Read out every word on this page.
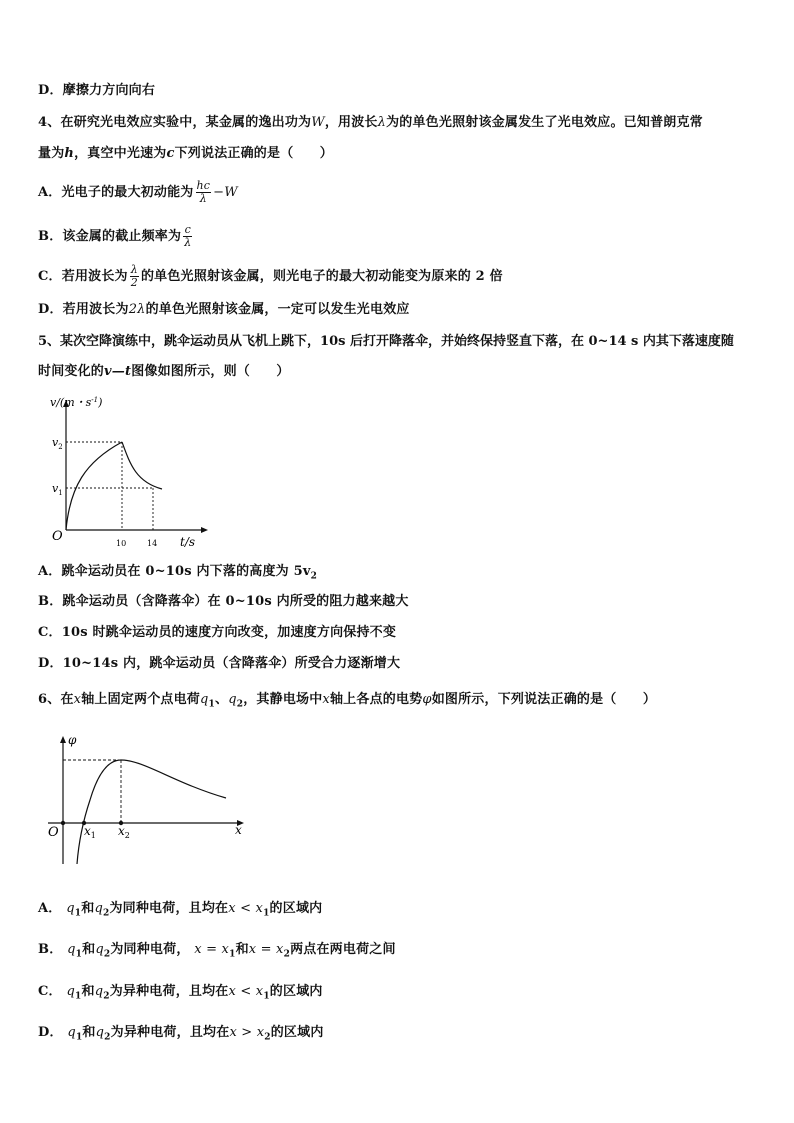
D．摩擦力方向向右
4、在研究光电效应实验中，某金属的逸出功为W，用波长λ为的单色光照射该金属发生了光电效应。已知普朗克常
量为h，真空中光速为c下列说法正确的是（　　）
A．光电子的最大初动能为 $\frac{hc}{\lambda} -W$
B．该金属的截止频率为 $\frac{c}{\lambda}$
C．若用波长为 $\frac{\lambda}{2}$ 的单色光照射该金属，则光电子的最大初动能变为原来的 2 倍
D．若用波长为2λ的单色光照射该金属，一定可以发生光电效应
5、某次空降演练中，跳伞运动员从飞机上跳下，10s 后打开降落伞，并始终保持竖直下落，在 0~14 s 内其下落速度随
时间变化的v—t图像如图所示，则（　　）
v/(m・$s^{-1}$)
$v_2$
$v_1$
O	10	14 t/s
A．跳伞运动员在 0~10s 内下落的高度为 $5v_2$
B．跳伞运动员（含降落伞）在 0~10s 内所受的阻力越来越大
C．10s 时跳伞运动员的速度方向改变，加速度方向保持不变
D．10~14s 内，跳伞运动员（含降落伞）所受合力逐渐增大
6、在x轴上固定两个点电荷$q_1$、$q_2$，其静电场中x轴上各点的电势φ如图所示，下列说法正确的是（　　）
φ
O $x_1$ $x_2$	x
A． $q_1$和$q_2$为同种电荷，且均在$x < x_1$的区域内
B． $q_1$和$q_2$为同种电荷， $x = x_1$和$x = x_2$两点在两电荷之间
C． $q_1$和$q_2$为异种电荷，且均在$x < x_1$的区域内
D． $q_1$和$q_2$为异种电荷，且均在$x > x_2$的区域内
